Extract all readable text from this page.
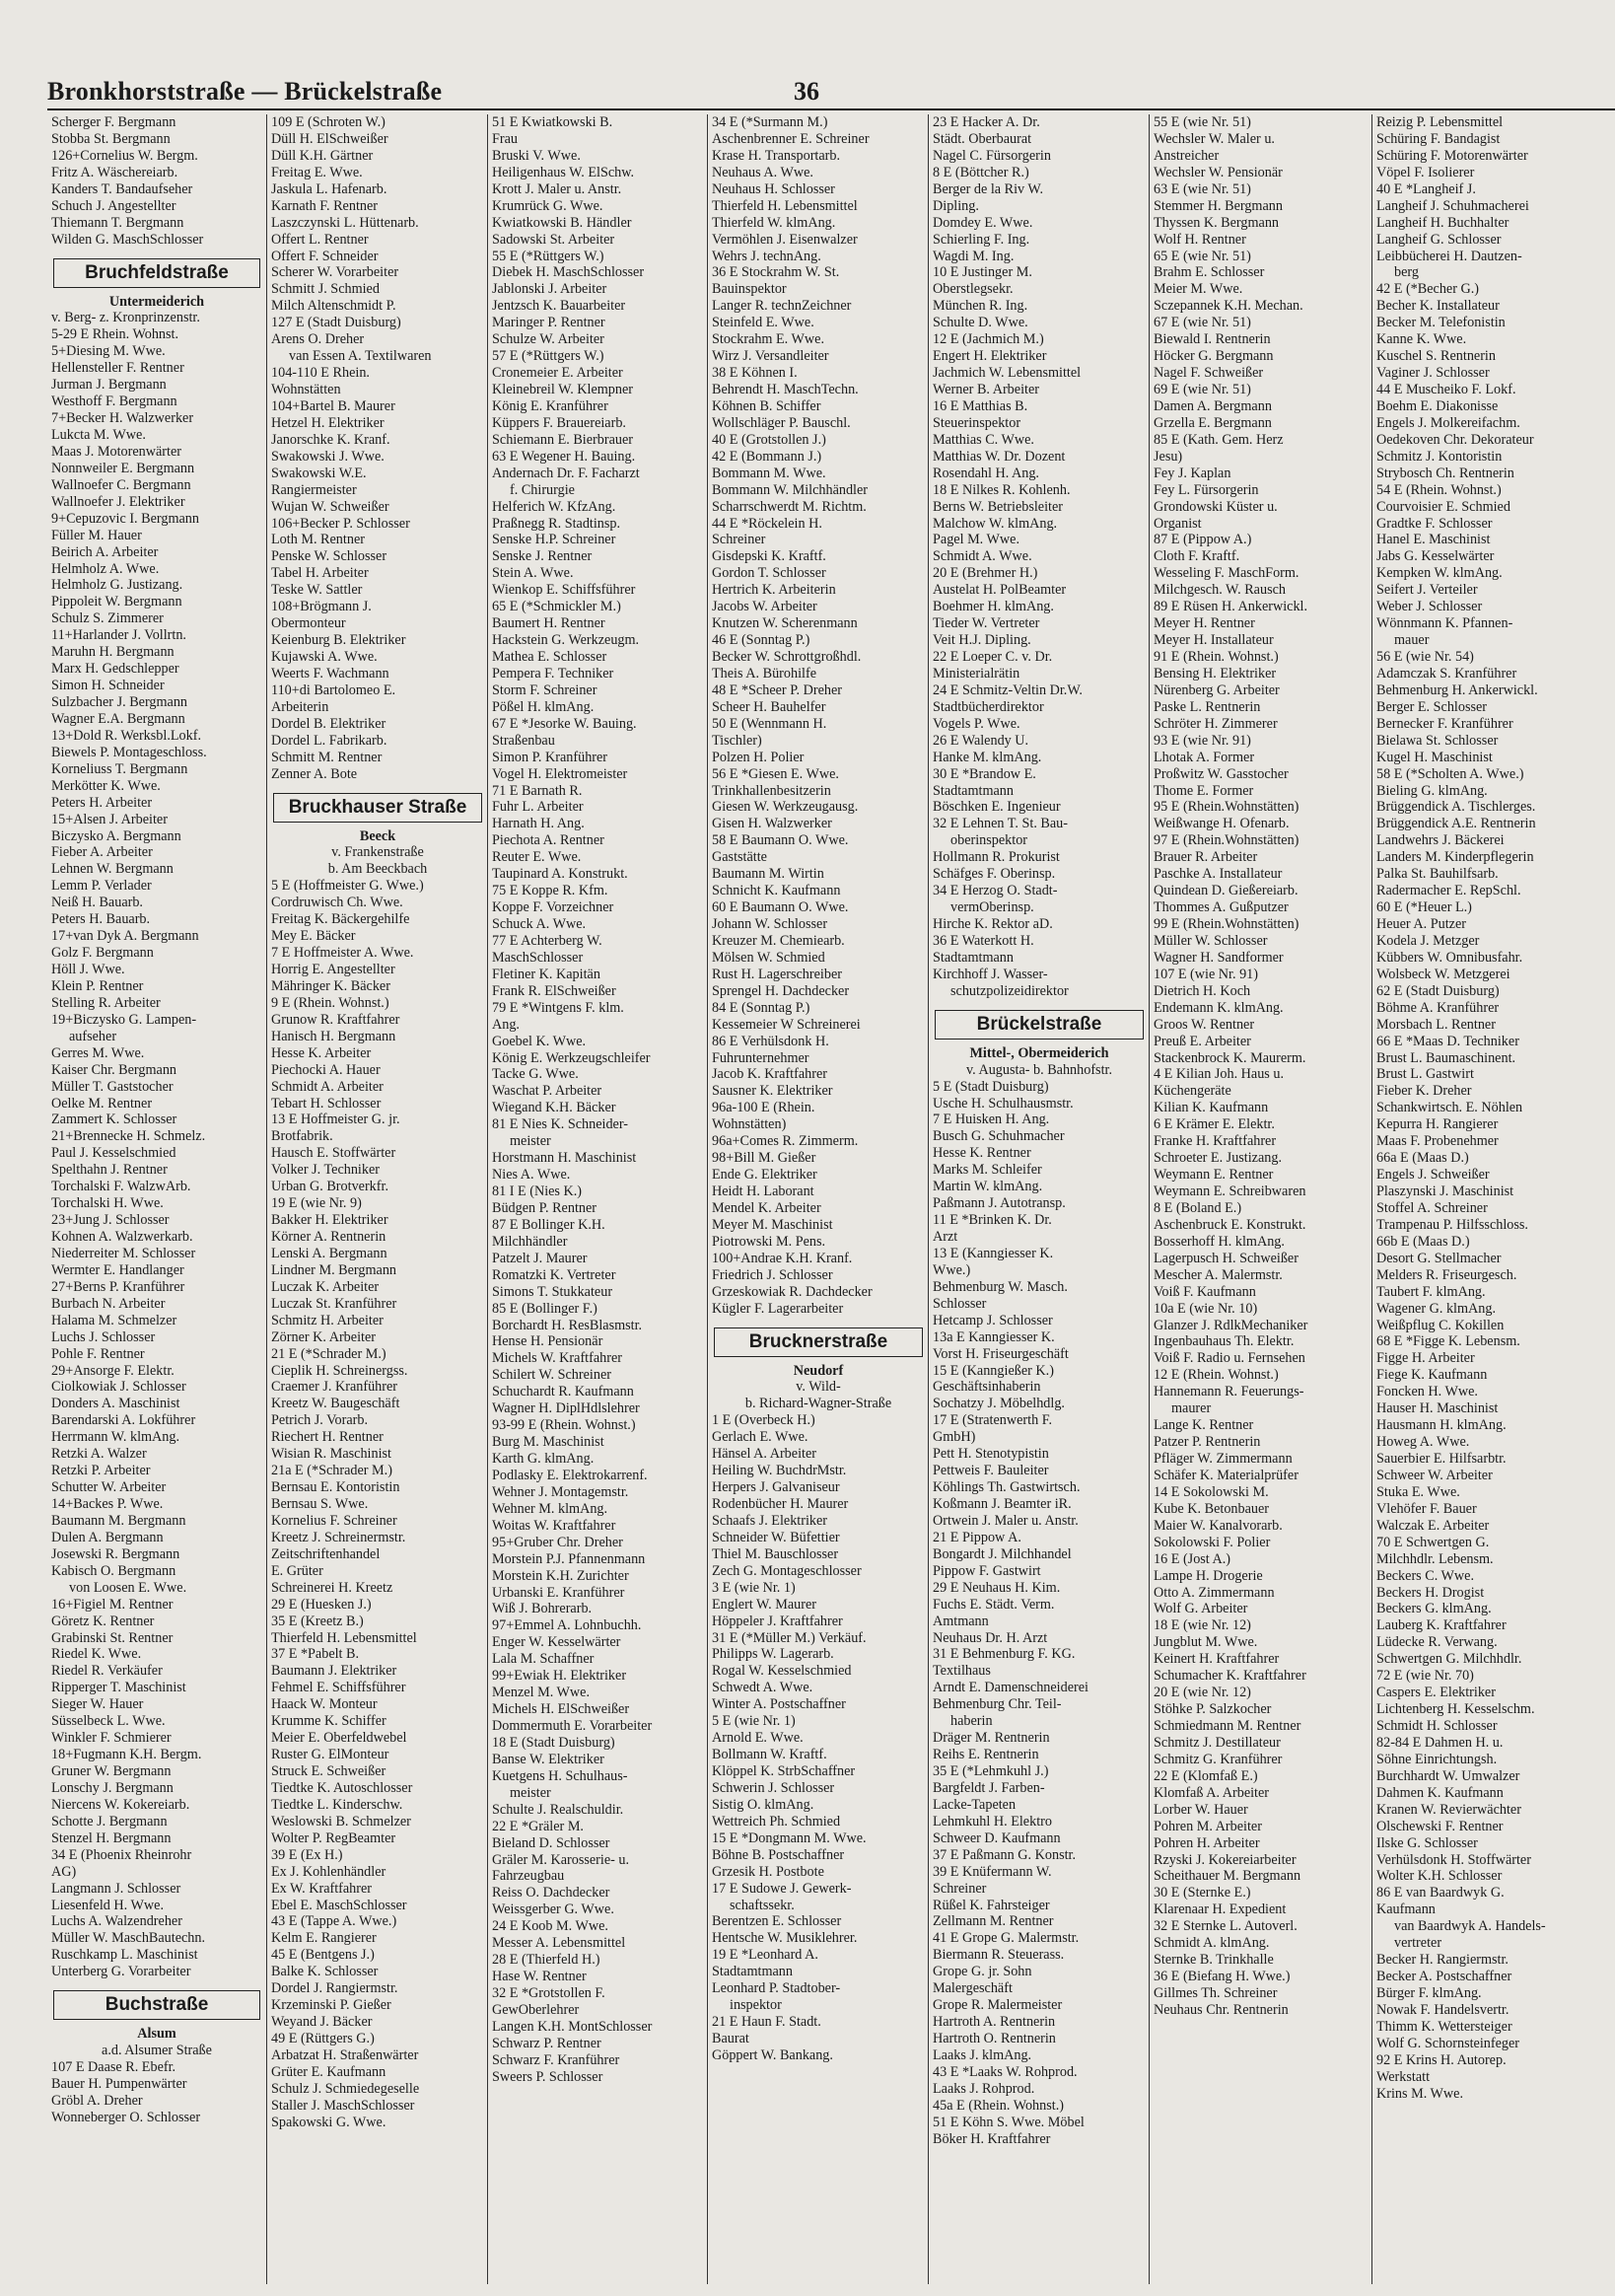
Bronkhorststraße — Brückelstraße	36
Scherger F. Bergmann
Stobba St. Bergmann
126+Cornelius W. Bergm.
Fritz A. Wäschereiarb.
Kanders T. Bandaufseher
Schuch J. Angestellter
Thiemann T. Bergmann
Wilden G. MaschSchlosser
Bruchfeldstraße
Untermeiderich
v. Berg- z. Kronprinzenstr.
5-29 E Rhein. Wohnst.
5+Diesing M. Wwe.
Hellensteller F. Rentner
Jurman J. Bergmann
Westhoff F. Bergmann
7+Becker H. Walzwerker
Lukcta M. Wwe.
Maas J. Motorenwärter
Nonnweiler E. Bergmann
Wallnoefer C. Bergmann
Wallnoefer J. Elektriker
9+Cepuzovic I. Bergmann
Füller M. Hauer
Beirich A. Arbeiter
Helmholz A. Wwe.
Helmholz G. Justizang.
Pippoleit W. Bergmann
Schulz S. Zimmerer
11+Harlander J. Vollrtn.
Maruhn H. Bergmann
Marx H. Gedschlepper
Simon H. Schneider
Sulzbacher J. Bergmann
Wagner E.A. Bergmann
13+Dold R. Werksbl.Lokf.
Biewels P. Montageschloss.
Korneliuss T. Bergmann
Merkötter K. Wwe.
Peters H. Arbeiter
15+Alsen J. Arbeiter
Biczysko A. Bergmann
Fieber A. Arbeiter
Lehnen W. Bergmann
Lemm P. Verlader
Neiß H. Bauarb.
Peters H. Bauarb.
17+van Dyk A. Bergmann
Golz F. Bergmann
Höll J. Wwe.
Klein P. Rentner
Stelling R. Arbeiter
19+Biczysko G. Lampen-
aufseher
Gerres M. Wwe.
Kaiser Chr. Bergmann
Müller T. Gaststocher
Oelke M. Rentner
Zammert K. Schlosser
21+Brennecke H. Schmelz.
Paul J. Kesselschmied
Spelthahn J. Rentner
Torchalski F. WalzwArb.
Torchalski H. Wwe.
23+Jung J. Schlosser
Kohnen A. Walzwerkarb.
Niederreiter M. Schlosser
Wermter E. Handlanger
27+Berns P. Kranführer
Burbach N. Arbeiter
Halama M. Schmelzer
Luchs J. Schlosser
Pohle F. Rentner
29+Ansorge F. Elektr.
Ciolkowiak J. Schlosser
Donders A. Maschinist
Barendarski A. Lokführer
Herrmann W. klmAng.
Retzki A. Walzer
Retzki P. Arbeiter
Schutter W. Arbeiter
14+Backes P. Wwe.
Baumann M. Bergmann
Dulen A. Bergmann
Josewski R. Bergmann
Kabisch O. Bergmann
von Loosen E. Wwe.
16+Figiel M. Rentner
Göretz K. Rentner
Grabinski St. Rentner
Riedel K. Wwe.
Riedel R. Verkäufer
Ripperger T. Maschinist
Sieger W. Hauer
Süsselbeck L. Wwe.
Winkler F. Schmierer
18+Fugmann K.H. Bergm.
Gruner W. Bergmann
Lonschy J. Bergmann
Niercens W. Kokereiarb.
Schotte J. Bergmann
Stenzel H. Bergmann
34 E (Phoenix Rheinrohr
AG)
Langmann J. Schlosser
Liesenfeld H. Wwe.
Luchs A. Walzendreher
Müller W. MaschBautechn.
Ruschkamp L. Maschinist
Unterberg G. Vorarbeiter
Buchstraße
Alsum
a.d. Alsumer Straße
107 E Daase R. Ebefr.
Bauer H. Pumpenwärter
Gröbl A. Dreher
Wonneberger O. Schlosser
109 E (Schroten W.)
Düll H. ElSchweißer
Düll K.H. Gärtner
Freitag E. Wwe.
Jaskula L. Hafenarb.
Karnath F. Rentner
Laszczynski L. Hüttenarb.
Offert L. Rentner
Offert F. Schneider
Scherer W. Vorarbeiter
Schmitt J. Schmied
Milch Altenschmidt P.
127 E (Stadt Duisburg)
Arens O. Dreher
van Essen A. Textilwaren
104-110 E Rhein.
Wohnstätten
104+Bartel B. Maurer
Hetzel H. Elektriker
Janorschke K. Kranf.
Swakowski J. Wwe.
Swakowski W.E.
Rangiermeister
Wujan W. Schweißer
106+Becker P. Schlosser
Loth M. Rentner
Penske W. Schlosser
Tabel H. Arbeiter
Teske W. Sattler
108+Brögmann J.
Obermonteur
Keienburg B. Elektriker
Kujawski A. Wwe.
Weerts F. Wachmann
110+di Bartolomeo E.
Arbeiterin
Dordel B. Elektriker
Dordel L. Fabrikarb.
Schmitt M. Rentner
Zenner A. Bote
Bruckhauser Straße
Beeck
v. Frankenstraße
b. Am Beeckbach
5 E (Hoffmeister G. Wwe.)
Cordruwisch Ch. Wwe.
Freitag K. Bäckergehilfe
Mey E. Bäcker
7 E Hoffmeister A. Wwe.
Horrig E. Angestellter
Mähringer K. Bäcker
9 E (Rhein. Wohnst.)
Grunow R. Kraftfahrer
Hanisch H. Bergmann
Hesse K. Arbeiter
Piechocki A. Hauer
Schmidt A. Arbeiter
Tebart H. Schlosser
13 E Hoffmeister G. jr.
Brotfabrik.
Hausch E. Stoffwärter
Volker J. Techniker
Urban G. Brotverkfr.
19 E (wie Nr. 9)
Bakker H. Elektriker
Körner A. Rentnerin
Lenski A. Bergmann
Lindner M. Bergmann
Luczak K. Arbeiter
Luczak St. Kranführer
Schmitz H. Arbeiter
Zörner K. Arbeiter
21 E (*Schrader M.)
Cieplik H. Schreinergss.
Craemer J. Kranführer
Kreetz W. Baugeschäft
Petrich J. Vorarb.
Riechert H. Rentner
Wisian R. Maschinist
21a E (*Schrader M.)
Bernsau E. Kontoristin
Bernsau S. Wwe.
Kornelius F. Schreiner
Kreetz J. Schreinermstr.
Zeitschriftenhandel
E. Grüter
Schreinerei H. Kreetz
29 E (Huesken J.)
35 E (Kreetz B.)
Thierfeld H. Lebensmittel
37 E *Pabelt B.
Baumann J. Elektriker
Fehmel E. Schiffsführer
Haack W. Monteur
Krumme K. Schiffer
Meier E. Oberfeldwebel
Ruster G. ElMonteur
Struck E. Schweißer
Tiedtke K. Autoschlosser
Tiedtke L. Kinderschw.
Weslowski B. Schmelzer
Wolter P. RegBeamter
39 E (Ex H.)
Ex J. Kohlenhändler
Ex W. Kraftfahrer
Ebel E. MaschSchlosser
43 E (Tappe A. Wwe.)
Kelm E. Rangierer
45 E (Bentgens J.)
Balke K. Schlosser
Dordel J. Rangiermstr.
Krzeminski P. Gießer
Weyand J. Bäcker
49 E (Rüttgers G.)
Arbatzat H. Straßenwärter
Grüter E. Kaufmann
Schulz J. Schmiedegeselle
Staller J. MaschSchlosser
Spakowski G. Wwe.
51 E Kwiatkowski B.
Frau
Bruski V. Wwe.
Heiligenhaus W. ElSchw.
Krott J. Maler u. Anstr.
Krumrück G. Wwe.
Kwiatkowski B. Händler
Sadowski St. Arbeiter
55 E (*Rüttgers W.)
Diebek H. MaschSchlosser
Jablonski J. Arbeiter
Jentzsch K. Bauarbeiter
Maringer P. Rentner
Schulze W. Arbeiter
57 E (*Rüttgers W.)
Cronemeier E. Arbeiter
Kleinebreil W. Klempner
König E. Kranführer
Küppers F. Brauereiarb.
Schiemann E. Bierbrauer
63 E Wegener H. Bauing.
Andernach Dr. F. Facharzt
f. Chirurgie
Helferich W. KfzAng.
Praßnegg R. Stadtinsp.
Senske H.P. Schreiner
Senske J. Rentner
Stein A. Wwe.
Wienkop E. Schiffsführer
65 E (*Schmickler M.)
Baumert H. Rentner
Hackstein G. Werkzeugm.
Mathea E. Schlosser
Pempera F. Techniker
Storm F. Schreiner
Pößel H. klmAng.
67 E *Jesorke W. Bauing.
Straßenbau
Simon P. Kranführer
Vogel H. Elektromeister
71 E Barnath R.
Fuhr L. Arbeiter
Harnath H. Ang.
Piechota A. Rentner
Reuter E. Wwe.
Taupinard A. Konstrukt.
75 E Koppe R. Kfm.
Koppe F. Vorzeichner
Schuck A. Wwe.
77 E Achterberg W.
MaschSchlosser
Fletiner K. Kapitän
Frank R. ElSchweißer
79 E *Wintgens F. klm.
Ang.
Goebel K. Wwe.
König E. Werkzeugschleifer
Tacke G. Wwe.
Waschat P. Arbeiter
Wiegand K.H. Bäcker
81 E Nies K. Schneider-
meister
Horstmann H. Maschinist
Nies A. Wwe.
81 I E (Nies K.)
Büdgen P. Rentner
87 E Bollinger K.H.
Milchhändler
Patzelt J. Maurer
Romatzki K. Vertreter
Simons T. Stukkateur
85 E (Bollinger F.)
Borchardt H. ResBlasmstr.
Hense H. Pensionär
Michels W. Kraftfahrer
Schilert W. Schreiner
Schuchardt R. Kaufmann
Wagner H. DiplHdlslehrer
93-99 E (Rhein. Wohnst.)
Burg M. Maschinist
Karth G. klmAng.
Podlasky E. Elektrokarrenf.
Wehner J. Montagemstr.
Wehner M. klmAng.
Woitas W. Kraftfahrer
95+Gruber Chr. Dreher
Morstein P.J. Pfannenmann
Morstein K.H. Zurichter
Urbanski E. Kranführer
Wiß J. Bohrerarb.
97+Emmel A. Lohnbuchh.
Enger W. Kesselwärter
Lala M. Schaffner
99+Ewiak H. Elektriker
Menzel M. Wwe.
Michels H. ElSchweißer
Dommermuth E. Vorarbeiter
18 E (Stadt Duisburg)
Banse W. Elektriker
Kuetgens H. Schulhaus-
meister
Schulte J. Realschuldir.
22 E *Gräler M.
Bieland D. Schlosser
Gräler M. Karosserie- u.
Fahrzeugbau
Reiss O. Dachdecker
Weissgerber G. Wwe.
24 E Koob M. Wwe.
Messer A. Lebensmittel
28 E (Thierfeld H.)
Hase W. Rentner
32 E *Grotstollen F.
GewOberlehrer
Langen K.H. MontSchlosser
Schwarz P. Rentner
Schwarz F. Kranführer
Sweers P. Schlosser
34 E (*Surmann M.)
Aschenbrenner E. Schreiner
Krase H. Transportarb.
Neuhaus A. Wwe.
Neuhaus H. Schlosser
Thierfeld H. Lebensmittel
Thierfeld W. klmAng.
Vermöhlen J. Eisenwalzer
Wehrs J. technAng.
36 E Stockrahm W. St.
Bauinspektor
Langer R. technZeichner
Steinfeld E. Wwe.
Stockrahm E. Wwe.
Wirz J. Versandleiter
38 E Köhnen I.
Behrendt H. MaschTechn.
Köhnen B. Schiffer
Wollschläger P. Bauschl.
40 E (Grotstollen J.)
42 E (Bommann J.)
Bommann M. Wwe.
Bommann W. Milchhändler
Scharrschwerdt M. Richtm.
44 E *Röckelein H.
Schreiner
Gisdepski K. Kraftf.
Gordon T. Schlosser
Hertrich K. Arbeiterin
Jacobs W. Arbeiter
Knutzen W. Scherenmann
46 E (Sonntag P.)
Becker W. Schrottgroßhdl.
Theis A. Bürohilfe
48 E *Scheer P. Dreher
Scheer H. Bauhelfer
50 E (Wennmann H.
Tischler)
Polzen H. Polier
56 E *Giesen E. Wwe.
Trinkhallenbesitzerin
Giesen W. Werkzeugausg.
Gisen H. Walzwerker
58 E Baumann O. Wwe.
Gaststätte
Baumann M. Wirtin
Schnicht K. Kaufmann
60 E Baumann O. Wwe.
Johann W. Schlosser
Kreuzer M. Chemiearb.
Mölsen W. Schmied
Rust H. Lagerschreiber
Sprengel H. Dachdecker
84 E (Sonntag P.)
Kessemeier W Schreinerei
86 E Verhülsdonk H.
Fuhrunternehmer
Jacob K. Kraftfahrer
Sausner K. Elektriker
96a-100 E (Rhein.
Wohnstätten)
96a+Comes R. Zimmerm.
98+Bill M. Gießer
Ende G. Elektriker
Heidt H. Laborant
Mendel K. Arbeiter
Meyer M. Maschinist
Piotrowski M. Pens.
100+Andrae K.H. Kranf.
Friedrich J. Schlosser
Grzeskowiak R. Dachdecker
Kügler F. Lagerarbeiter
Brucknerstraße
Neudorf
v. Wild-
b. Richard-Wagner-Straße
1 E (Overbeck H.)
Gerlach E. Wwe.
Hänsel A. Arbeiter
Heiling W. BuchdrMstr.
Herpers J. Galvaniseur
Rodenbücher H. Maurer
Schaafs J. Elektriker
Schneider W. Büfettier
Thiel M. Bauschlosser
Zech G. Montageschlosser
3 E (wie Nr. 1)
Englert W. Maurer
Höppeler J. Kraftfahrer
31 E (*Müller M.) Verkäuf.
Philipps W. Lagerarb.
Rogal W. Kesselschmied
Schwedt A. Wwe.
Winter A. Postschaffner
5 E (wie Nr. 1)
Arnold E. Wwe.
Bollmann W. Kraftf.
Klöppel K. StrbSchaffner
Schwerin J. Schlosser
Sistig O. klmAng.
Wettreich Ph. Schmied
15 E *Dongmann M. Wwe.
Böhne B. Postschaffner
Grzesik H. Postbote
17 E Sudowe J. Gewerk-
schaftssekr.
Berentzen E. Schlosser
Hentsche W. Musiklehrer.
19 E *Leonhard A.
Stadtamtmann
Leonhard P. Stadtober-
inspektor
21 E Haun F. Stadt.
Baurat
Göppert W. Bankang.
23 E Hacker A. Dr.
Städt. Oberbaurat
Nagel C. Fürsorgerin
8 E (Böttcher R.)
Berger de la Riv W.
Dipling.
Domdey E. Wwe.
Schierling F. Ing.
Wagdi M. Ing.
10 E Justinger M.
Oberstlegsekr.
München R. Ing.
Schulte D. Wwe.
12 E (Jachmich M.)
Engert H. Elektriker
Jachmich W. Lebensmittel
Werner B. Arbeiter
16 E Matthias B.
Steuerinspektor
Matthias C. Wwe.
Matthias W. Dr. Dozent
Rosendahl H. Ang.
18 E Nilkes R. Kohlenh.
Berns W. Betriebsleiter
Malchow W. klmAng.
Pagel M. Wwe.
Schmidt A. Wwe.
20 E (Brehmer H.)
Austelat H. PolBeamter
Boehmer H. klmAng.
Tieder W. Vertreter
Veit H.J. Dipling.
22 E Loeper C. v. Dr.
Ministerialrätin
24 E Schmitz-Veltin Dr.W.
Stadtbücherdirektor
Vogels P. Wwe.
26 E Walendy U.
Hanke M. klmAng.
30 E *Brandow E.
Stadtamtmann
Böschken E. Ingenieur
32 E Lehnen T. St. Bau-
oberinspektor
Hollmann R. Prokurist
Schäfges F. Oberinsp.
34 E Herzog O. Stadt-
vermOberinsp.
Hirche K. Rektor aD.
36 E Waterkott H.
Stadtamtmann
Kirchhoff J. Wasser-
schutzpolizeidirektor
Brückelstraße
Mittel-, Obermeiderich
v. Augusta- b. Bahnhofstr.
5 E (Stadt Duisburg)
Usche H. Schulhausmstr.
7 E Huisken H. Ang.
Busch G. Schuhmacher
Hesse K. Rentner
Marks M. Schleifer
Martin W. klmAng.
Paßmann J. Autotransp.
11 E *Brinken K. Dr.
Arzt
13 E (Kanngiesser K.
Wwe.)
Behmenburg W. Masch.
Schlosser
Hetcamp J. Schlosser
13a E Kanngiesser K.
Vorst H. Friseurgeschäft
15 E (Kanngießer K.)
Geschäftsinhaberin
Sochatzy J. Möbelhdlg.
17 E (Stratenwerth F.
GmbH)
Pett H. Stenotypistin
Pettweis F. Bauleiter
Köhlings Th. Gastwirtsch.
Koßmann J. Beamter iR.
Ortwein J. Maler u. Anstr.
21 E Pippow A.
Bongardt J. Milchhandel
Pippow F. Gastwirt
29 E Neuhaus H. Kim.
Fuchs E. Städt. Verm.
Amtmann
Neuhaus Dr. H. Arzt
31 E Behmenburg F. KG.
Textilhaus
Arndt E. Damenschneiderei
Behmenburg Chr. Teil-
haberin
Dräger M. Rentnerin
Reihs E. Rentnerin
35 E (*Lehmkuhl J.)
Bargfeldt J. Farben-
Lacke-Tapeten
Lehmkuhl H. Elektro
Schweer D. Kaufmann
37 E Paßmann G. Konstr.
39 E Knüfermann W.
Schreiner
Rüßel K. Fahrsteiger
Zellmann M. Rentner
41 E Grope G. Malermstr.
Biermann R. Steuerass.
Grope G. jr. Sohn
Malergeschäft
Grope R. Malermeister
Hartroth A. Rentnerin
Hartroth O. Rentnerin
Laaks J. klmAng.
43 E *Laaks W. Rohprod.
Laaks J. Rohprod.
45a E (Rhein. Wohnst.)
51 E Köhn S. Wwe. Möbel
Böker H. Kraftfahrer
55 E (wie Nr. 51)
Wechsler W. Maler u.
Anstreicher
Wechsler W. Pensionär
63 E (wie Nr. 51)
Stemmer H. Bergmann
Thyssen K. Bergmann
Wolf H. Rentner
65 E (wie Nr. 51)
Brahm E. Schlosser
Meier M. Wwe.
Sczepannek K.H. Mechan.
67 E (wie Nr. 51)
Biewald I. Rentnerin
Höcker G. Bergmann
Nagel F. Schweißer
69 E (wie Nr. 51)
Damen A. Bergmann
Grzella E. Bergmann
85 E (Kath. Gem. Herz
Jesu)
Fey J. Kaplan
Fey L. Fürsorgerin
Grondowski Küster u.
Organist
87 E (Pippow A.)
Cloth F. Kraftf.
Wesseling F. MaschForm.
Milchgesch. W. Rausch
89 E Rüsen H. Ankerwickl.
Meyer H. Rentner
Meyer H. Installateur
91 E (Rhein. Wohnst.)
Bensing H. Elektriker
Nürenberg G. Arbeiter
Paske L. Rentnerin
Schröter H. Zimmerer
93 E (wie Nr. 91)
Lhotak A. Former
Proßwitz W. Gasstocher
Thome E. Former
95 E (Rhein.Wohnstätten)
Weißwange H. Ofenarb.
97 E (Rhein.Wohnstätten)
Brauer R. Arbeiter
Paschke A. Installateur
Quindean D. Gießereiarb.
Thommes A. Gußputzer
99 E (Rhein.Wohnstätten)
Müller W. Schlosser
Wagner H. Sandformer
107 E (wie Nr. 91)
Dietrich H. Koch
Endemann K. klmAng.
Groos W. Rentner
Preuß E. Arbeiter
Stackenbrock K. Maurerm.
4 E Kilian Joh. Haus u.
Küchengeräte
Kilian K. Kaufmann
6 E Krämer E. Elektr.
Franke H. Kraftfahrer
Schroeter E. Justizang.
Weymann E. Rentner
Weymann E. Schreibwaren
8 E (Boland E.)
Aschenbruck E. Konstrukt.
Bosserhoff H. klmAng.
Lagerpusch H. Schweißer
Mescher A. Malermstr.
Voiß F. Kaufmann
10a E (wie Nr. 10)
Glanzer J. RdlkMechaniker
Ingenbauhaus Th. Elektr.
Voiß F. Radio u. Fernsehen
12 E (Rhein. Wohnst.)
Hannemann R. Feuerungs-
maurer
Lange K. Rentner
Patzer P. Rentnerin
Pfläger W. Zimmermann
Schäfer K. Materialprüfer
14 E Sokolowski M.
Kube K. Betonbauer
Maier W. Kanalvorarb.
Sokolowski F. Polier
16 E (Jost A.)
Lampe H. Drogerie
Otto A. Zimmermann
Wolf G. Arbeiter
18 E (wie Nr. 12)
Jungblut M. Wwe.
Keinert H. Kraftfahrer
Schumacher K. Kraftfahrer
20 E (wie Nr. 12)
Stöhke P. Salzkocher
Schmiedmann M. Rentner
Schmitz J. Destillateur
Schmitz G. Kranführer
22 E (Klomfaß E.)
Klomfaß A. Arbeiter
Lorber W. Hauer
Pohren M. Arbeiter
Pohren H. Arbeiter
Rzyski J. Kokereiarbeiter
Scheithauer M. Bergmann
30 E (Sternke E.)
Klarenaar H. Expedient
32 E Sternke L. Autoverl.
Schmidt A. klmAng.
Sternke B. Trinkhalle
36 E (Biefang H. Wwe.)
Gillmes Th. Schreiner
Neuhaus Chr. Rentnerin
Reizig P. Lebensmittel
Schüring F. Bandagist
Schüring F. Motorenwärter
Vöpel F. Isolierer
40 E *Langheif J.
Langheif J. Schuhmacherei
Langheif H. Buchhalter
Langheif G. Schlosser
Leibbücherei H. Dautzen-
berg
42 E (*Becher G.)
Becher K. Installateur
Becker M. Telefonistin
Kanne K. Wwe.
Kuschel S. Rentnerin
Vaginer J. Schlosser
44 E Muscheiko F. Lokf.
Boehm E. Diakonisse
Engels J. Molkereifachm.
Oedekoven Chr. Dekorateur
Schmitz J. Kontoristin
Strybosch Ch. Rentnerin
54 E (Rhein. Wohnst.)
Courvoisier E. Schmied
Gradtke F. Schlosser
Hanel E. Maschinist
Jabs G. Kesselwärter
Kempken W. klmAng.
Seifert J. Verteiler
Weber J. Schlosser
Wönnmann K. Pfannen-
mauer
56 E (wie Nr. 54)
Adamczak S. Kranführer
Behmenburg H. Ankerwickl.
Berger E. Schlosser
Bernecker F. Kranführer
Bielawa St. Schlosser
Kugel H. Maschinist
58 E (*Scholten A. Wwe.)
Bieling G. klmAng.
Brüggendick A. Tischlerges.
Brüggendick A.E. Rentnerin
Landwehrs J. Bäckerei
Landers M. Kinderpflegerin
Palka St. Bauhilfsarb.
Radermacher E. RepSchl.
60 E (*Heuer L.)
Heuer A. Putzer
Kodela J. Metzger
Kübbers W. Omnibusfahr.
Wolsbeck W. Metzgerei
62 E (Stadt Duisburg)
Böhme A. Kranführer
Morsbach L. Rentner
66 E *Maas D. Techniker
Brust L. Baumaschinent.
Brust L. Gastwirt
Fieber K. Dreher
Schankwirtsch. E. Nöhlen
Kepurra H. Rangierer
Maas F. Probenehmer
66a E (Maas D.)
Engels J. Schweißer
Plaszynski J. Maschinist
Stoffel A. Schreiner
Trampenau P. Hilfsschloss.
66b E (Maas D.)
Desort G. Stellmacher
Melders R. Friseurgesch.
Taubert F. klmAng.
Wagener G. klmAng.
Weißpflug C. Kokillen
68 E *Figge K. Lebensm.
Figge H. Arbeiter
Fiege K. Kaufmann
Foncken H. Wwe.
Hauser H. Maschinist
Hausmann H. klmAng.
Howeg A. Wwe.
Sauerbier E. Hilfsarbtr.
Schweer W. Arbeiter
Stuka E. Wwe.
Vlehöfer F. Bauer
Walczak E. Arbeiter
70 E Schwertgen G.
Milchhdlr. Lebensm.
Beckers C. Wwe.
Beckers H. Drogist
Beckers G. klmAng.
Lauberg K. Kraftfahrer
Lüdecke R. Verwang.
Schwertgen G. Milchhdlr.
72 E (wie Nr. 70)
Caspers E. Elektriker
Lichtenberg H. Kesselschm.
Schmidt H. Schlosser
82-84 E Dahmen H. u.
Söhne Einrichtungsh.
Burchhardt W. Umwalzer
Dahmen K. Kaufmann
Kranen W. Revierwächter
Olschewski F. Rentner
Ilske G. Schlosser
Verhülsdonk H. Stoffwärter
Wolter K.H. Schlosser
86 E van Baardwyk G.
Kaufmann
van Baardwyk A. Handels-
vertreter
Becker H. Rangiermstr.
Becker A. Postschaffner
Bürger F. klmAng.
Nowak F. Handelsvertr.
Thimm K. Wettersteiger
Wolf G. Schornsteinfeger
92 E Krins H. Autorep.
Werkstatt
Krins M. Wwe.
